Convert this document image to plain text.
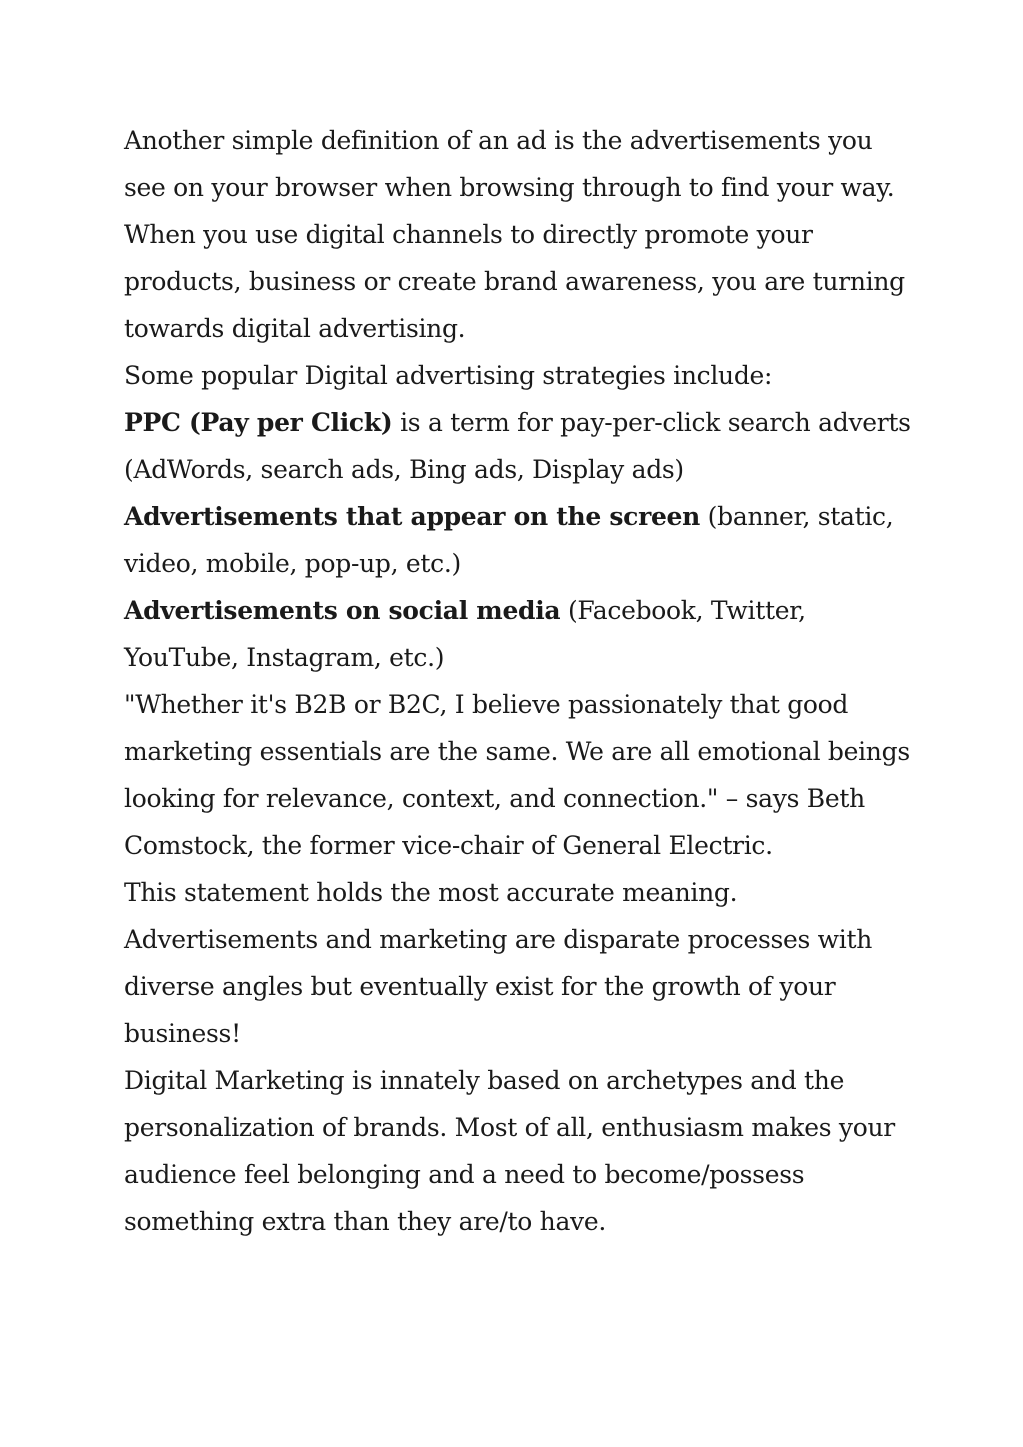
Another simple definition of an ad is the advertisements you see on your browser when browsing through to find your way. When you use digital channels to directly promote your products, business or create brand awareness, you are turning towards digital advertising.

Some popular Digital advertising strategies include:

PPC (Pay per Click) is a term for pay-per-click search adverts (AdWords, search ads, Bing ads, Display ads)

Advertisements that appear on the screen (banner, static, video, mobile, pop-up, etc.)

Advertisements on social media (Facebook, Twitter, YouTube, Instagram, etc.)

"Whether it's B2B or B2C, I believe passionately that good marketing essentials are the same. We are all emotional beings looking for relevance, context, and connection." – says Beth Comstock, the former vice-chair of General Electric.

This statement holds the most accurate meaning. Advertisements and marketing are disparate processes with diverse angles but eventually exist for the growth of your business!

Digital Marketing is innately based on archetypes and the personalization of brands. Most of all, enthusiasm makes your audience feel belonging and a need to become/possess something extra than they are/to have.
